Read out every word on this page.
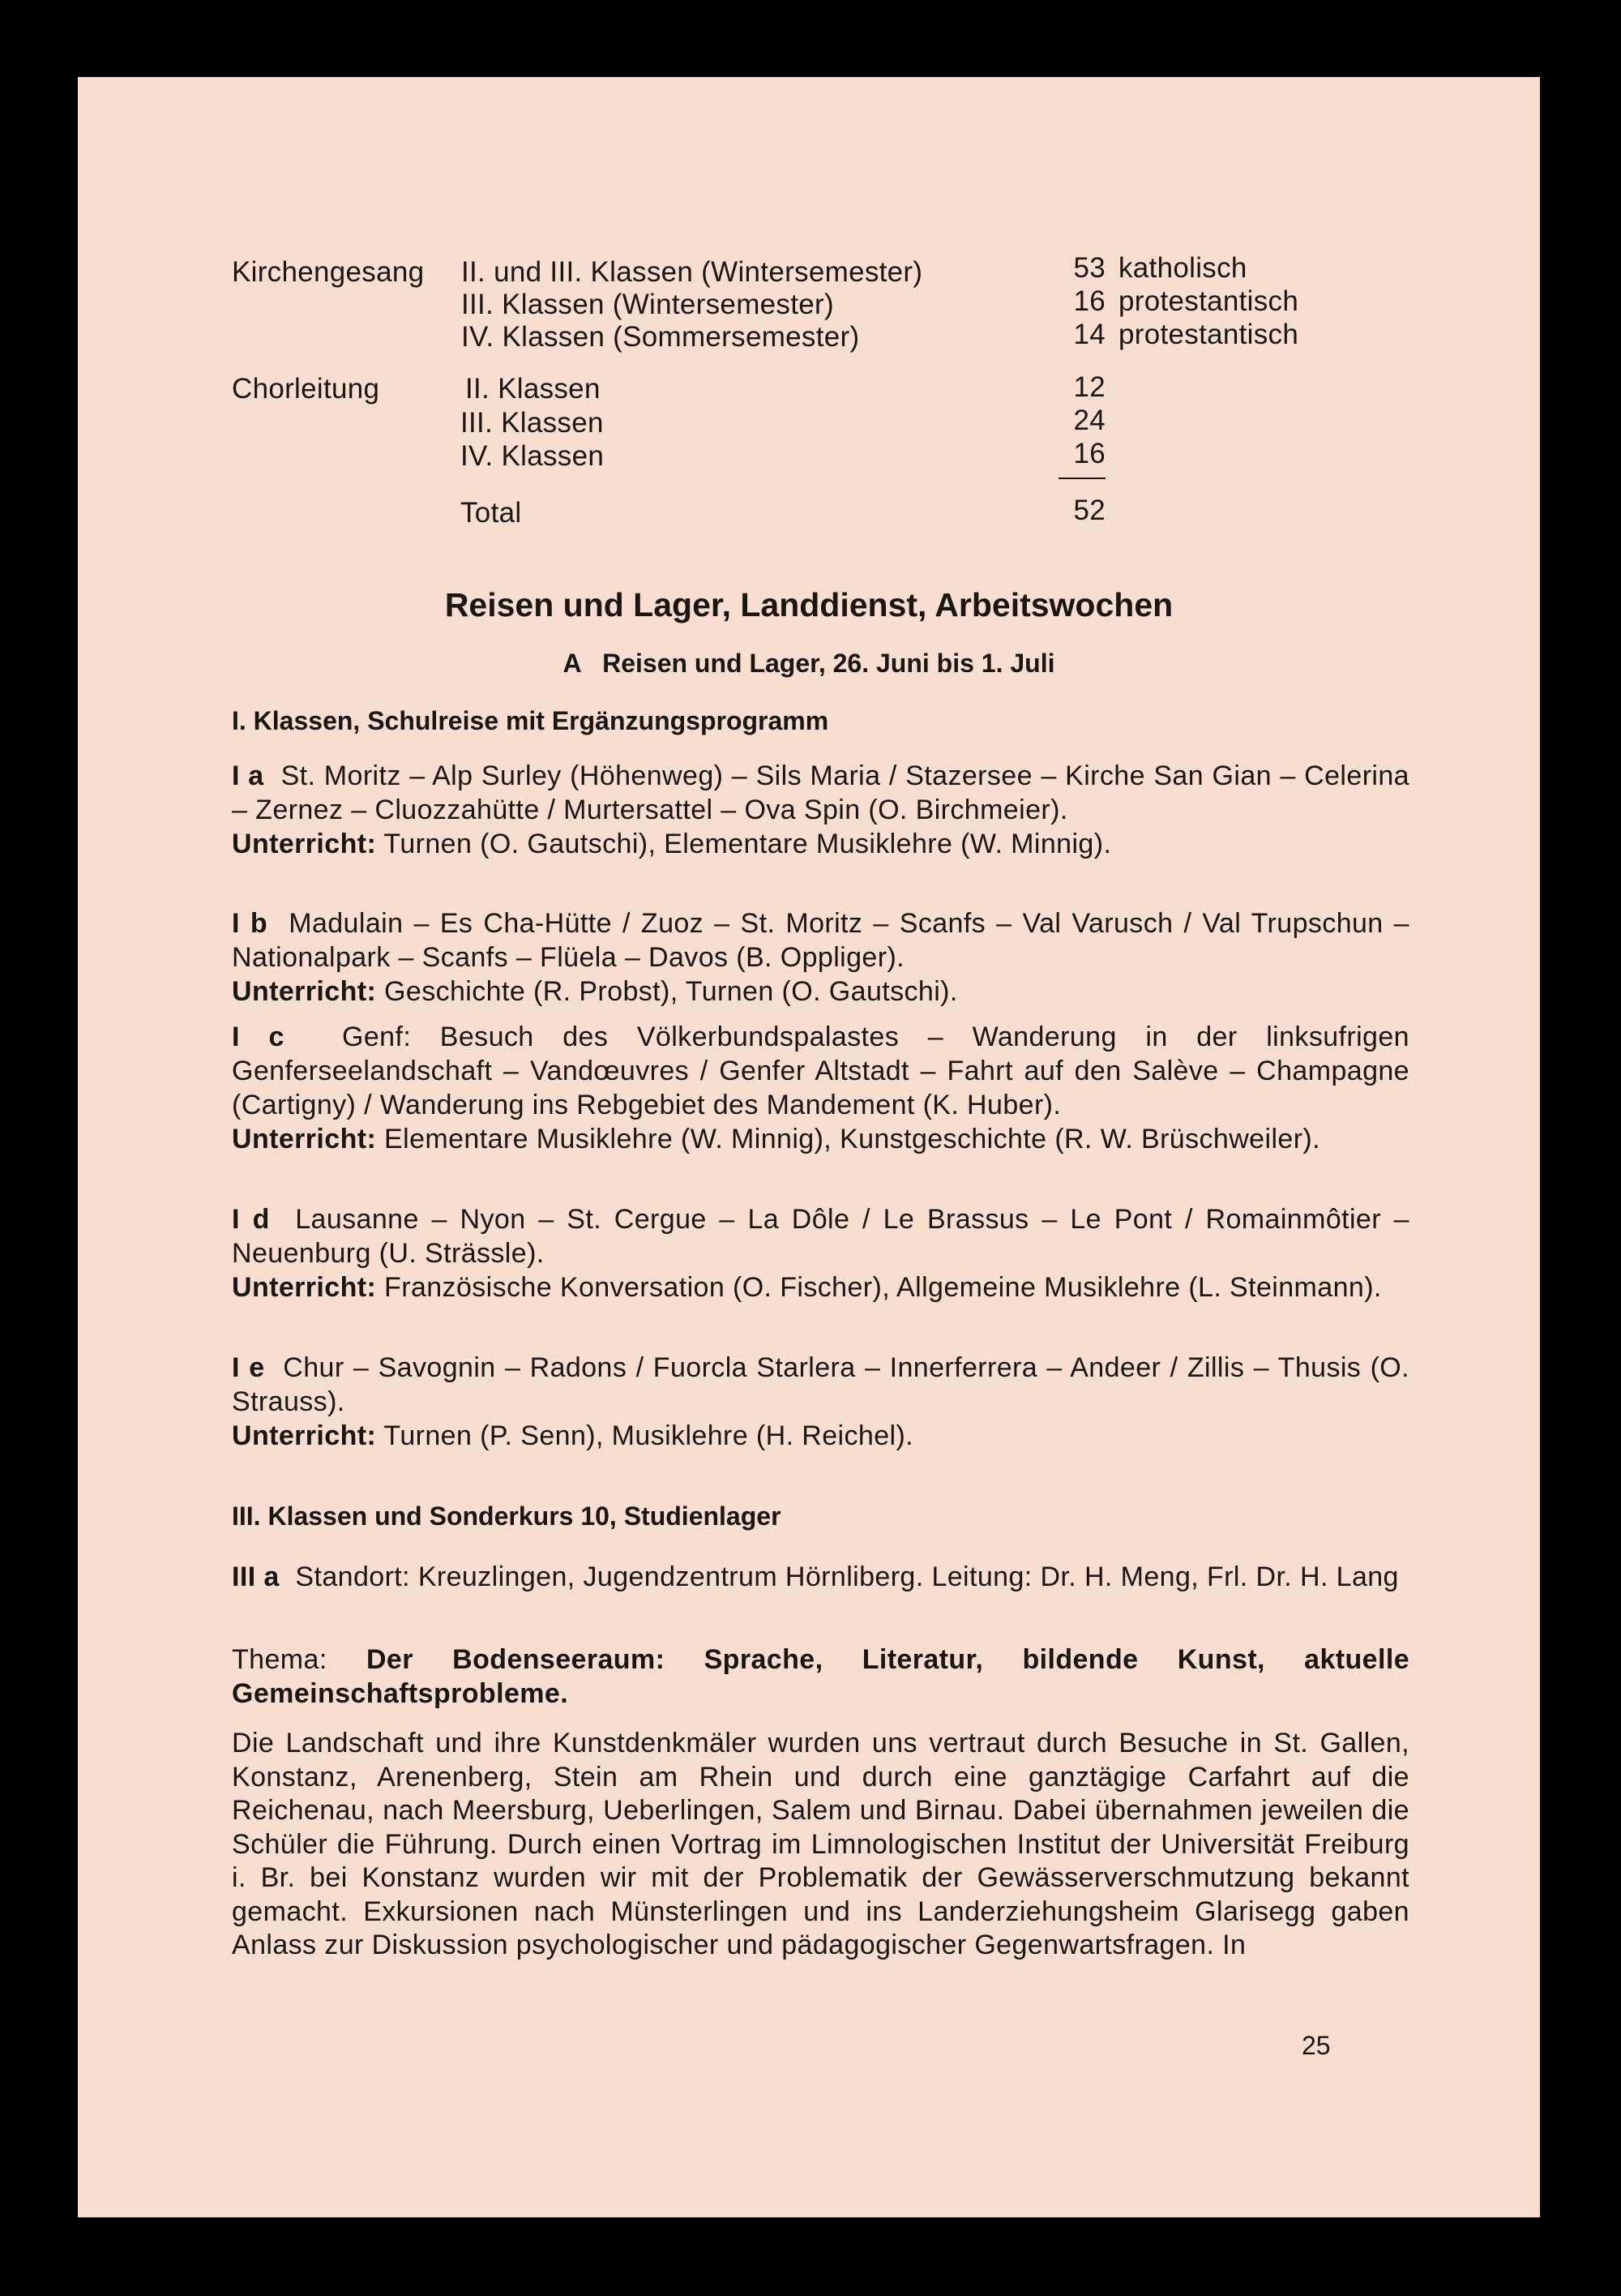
Kirchengesang II. und III. Klassen (Wintersemester)	53 katholisch
III. Klassen (Wintersemester)	16 protestantisch
IV. Klassen (Sommersemester)	14 protestantisch
Chorleitung	II. Klassen	12
III. Klassen	24
IV. Klassen	16
Total	52
Reisen und Lager, Landdienst, Arbeitswochen
A   Reisen und Lager, 26. Juni bis 1. Juli
I. Klassen, Schulreise mit Ergänzungsprogramm
I a St. Moritz – Alp Surley (Höhenweg) – Sils Maria / Stazersee – Kirche San Gian – Celerina – Zernez – Cluozzahütte / Murtersattel – Ova Spin (O. Birchmeier).
Unterricht: Turnen (O. Gautschi), Elementare Musiklehre (W. Minnig).
I b Madulain – Es Cha-Hütte / Zuoz – St. Moritz – Scanfs – Val Varusch / Val Trupschun – Nationalpark – Scanfs – Flüela – Davos (B. Oppliger).
Unterricht: Geschichte (R. Probst), Turnen (O. Gautschi).
I c Genf: Besuch des Völkerbundspalastes – Wanderung in der linksufrigen Genferseelandschaft – Vandœuvres / Genfer Altstadt – Fahrt auf den Salève – Champagne (Cartigny) / Wanderung ins Rebgebiet des Mandement (K. Huber).
Unterricht: Elementare Musiklehre (W. Minnig), Kunstgeschichte (R. W. Brüschweiler).
I d Lausanne – Nyon – St. Cergue – La Dôle / Le Brassus – Le Pont / Romainmôtier – Neuenburg (U. Strässle).
Unterricht: Französische Konversation (O. Fischer), Allgemeine Musiklehre (L. Steinmann).
I e Chur – Savognin – Radons / Fuorcla Starlera – Innerferrera – Andeer / Zillis – Thusis (O. Strauss).
Unterricht: Turnen (P. Senn), Musiklehre (H. Reichel).
III. Klassen und Sonderkurs 10, Studienlager
III a Standort: Kreuzlingen, Jugendzentrum Hörnliberg. Leitung: Dr. H. Meng, Frl. Dr. H. Lang
Thema: Der Bodenseeraum: Sprache, Literatur, bildende Kunst, aktuelle Gemeinschaftsprobleme.
Die Landschaft und ihre Kunstdenkmäler wurden uns vertraut durch Besuche in St. Gallen, Konstanz, Arenenberg, Stein am Rhein und durch eine ganztägige Carfahrt auf die Reichenau, nach Meersburg, Ueberlingen, Salem und Birnau. Dabei übernahmen jeweilen die Schüler die Führung. Durch einen Vortrag im Limnologischen Institut der Universität Freiburg i. Br. bei Konstanz wurden wir mit der Problematik der Gewässerverschmutzung bekannt gemacht. Exkursionen nach Münsterlingen und ins Landerziehungsheim Glarisegg gaben Anlass zur Diskussion psychologischer und pädagogischer Gegenwartsfragen. In
25
